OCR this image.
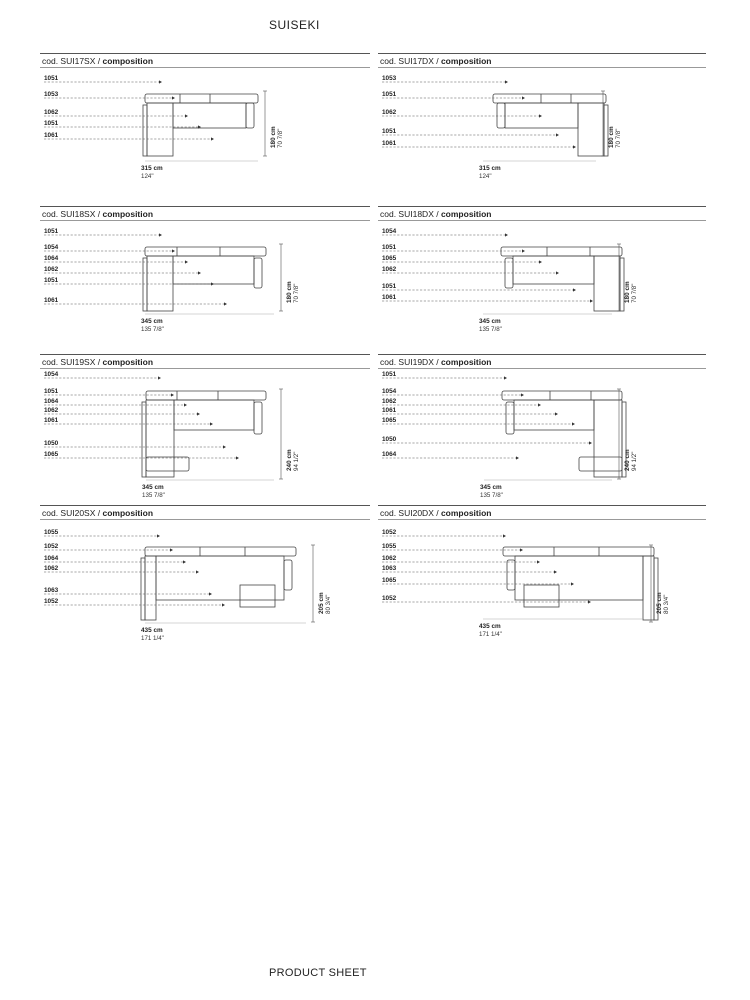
SUISEKI
cod. SUI17SX / composition
1051
1053
1062
1051
1061	180 cm 70 7/8"
315 cm
124"
cod. SUI17DX / composition
1053
1051
1062
1051
1061	180 cm 70 7/8"
315 cm
124"
cod. SUI18SX / composition
1051
1054
1064
1062
1051
1061	180 cm 70 7/8"
345 cm
135 7/8"
cod. SUI18DX / composition
1054
1051
1065
1062
1051
1061	180 cm 70 7/8"
345 cm
135 7/8"
cod. SUI19SX / composition
1054
1051
1064
1062
1061
1050
1065	240 cm 94 1/2"
345 cm
135 7/8"
cod. SUI19DX / composition
1051
1054
1062
1061
1065
1050
1064	240 cm 94 1/2"
345 cm
135 7/8"
cod. SUI20SX / composition
1055
1052
1064
1062
1063
1052	205 cm 80 3/4"
435 cm
171 1/4"
cod. SUI20DX / composition
1052
1055
1062
1063
1065
1052	205 cm 80 3/4"
435 cm
171 1/4"
PRODUCT SHEET
